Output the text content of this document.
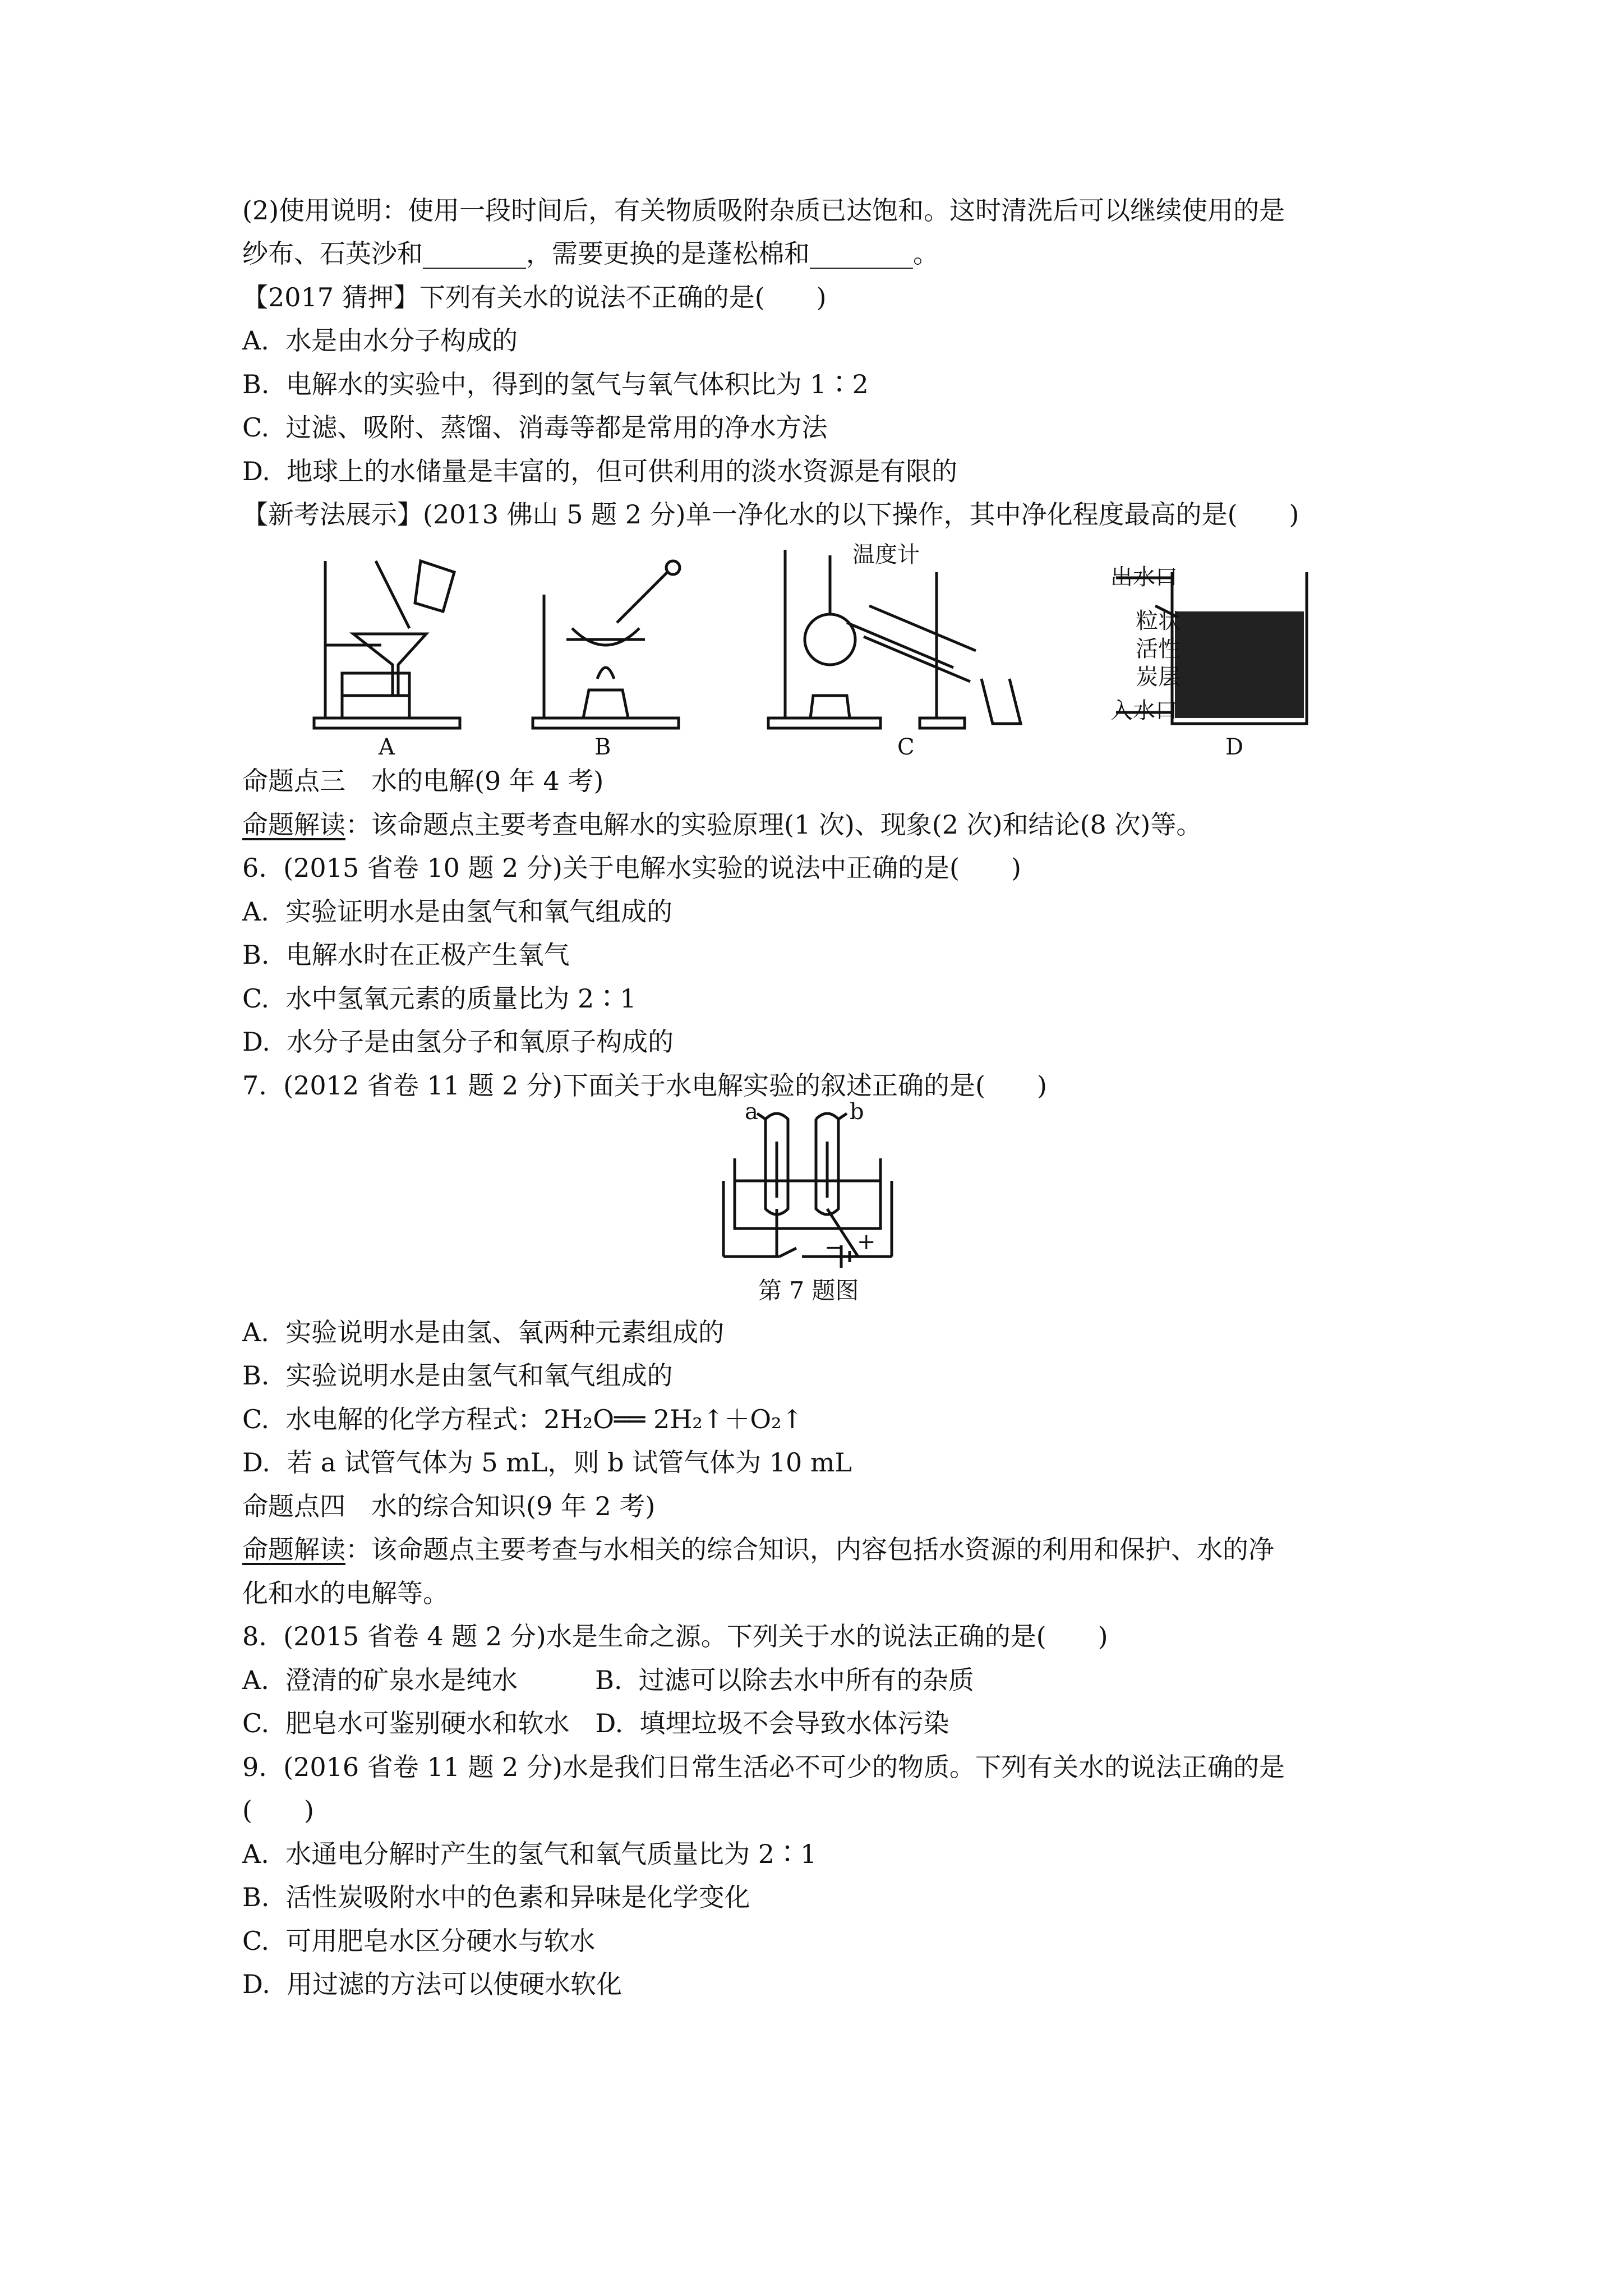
(2)使用说明：使用一段时间后，有关物质吸附杂质已达饱和。这时清洗后可以继续使用的是
纱布、石英沙和________，需要更换的是蓬松棉和________。
【2017 猜押】下列有关水的说法不正确的是(　　)
A.  水是由水分子构成的
B.  电解水的实验中，得到的氢气与氧气体积比为 1∶2
C.  过滤、吸附、蒸馏、消毒等都是常用的净水方法
D.  地球上的水储量是丰富的，但可供利用的淡水资源是有限的
【新考法展示】(2013 佛山 5 题 2 分)单一净化水的以下操作，其中净化程度最高的是(　　)
温度计
出水口
粒 状
活 性
炭 层
入水口
A	B	C	D
命题点三　水的电解(9 年 4 考)
命题解读：该命题点主要考查电解水的实验原理(1 次)、现象(2 次)和结论(8 次)等。
6.  (2015 省卷 10 题 2 分)关于电解水实验的说法中正确的是(　　)
A.  实验证明水是由氢气和氧气组成的
B.  电解水时在正极产生氧气
C.  水中氢氧元素的质量比为 2∶1
D.  水分子是由氢分子和氧原子构成的
7.  (2012 省卷 11 题 2 分)下面关于水电解实验的叙述正确的是(　　)
a	b
− +
第 7 题图
A.  实验说明水是由氢、氧两种元素组成的
B.  实验说明水是由氢气和氧气组成的
C.  水电解的化学方程式：2H₂O══ 2H₂↑＋O₂↑
D.  若 a 试管气体为 5 mL，则 b 试管气体为 10 mL
命题点四　水的综合知识(9 年 2 考)
命题解读：该命题点主要考查与水相关的综合知识，内容包括水资源的利用和保护、水的净
化和水的电解等。
8.  (2015 省卷 4 题 2 分)水是生命之源。下列关于水的说法正确的是(　　)
A.  澄清的矿泉水是纯水　　　B.  过滤可以除去水中所有的杂质
C.  肥皂水可鉴别硬水和软水　D.  填埋垃圾不会导致水体污染
9.  (2016 省卷 11 题 2 分)水是我们日常生活必不可少的物质。下列有关水的说法正确的是
(　　)
A.  水通电分解时产生的氢气和氧气质量比为 2∶1
B.  活性炭吸附水中的色素和异味是化学变化
C.  可用肥皂水区分硬水与软水
D.  用过滤的方法可以使硬水软化
